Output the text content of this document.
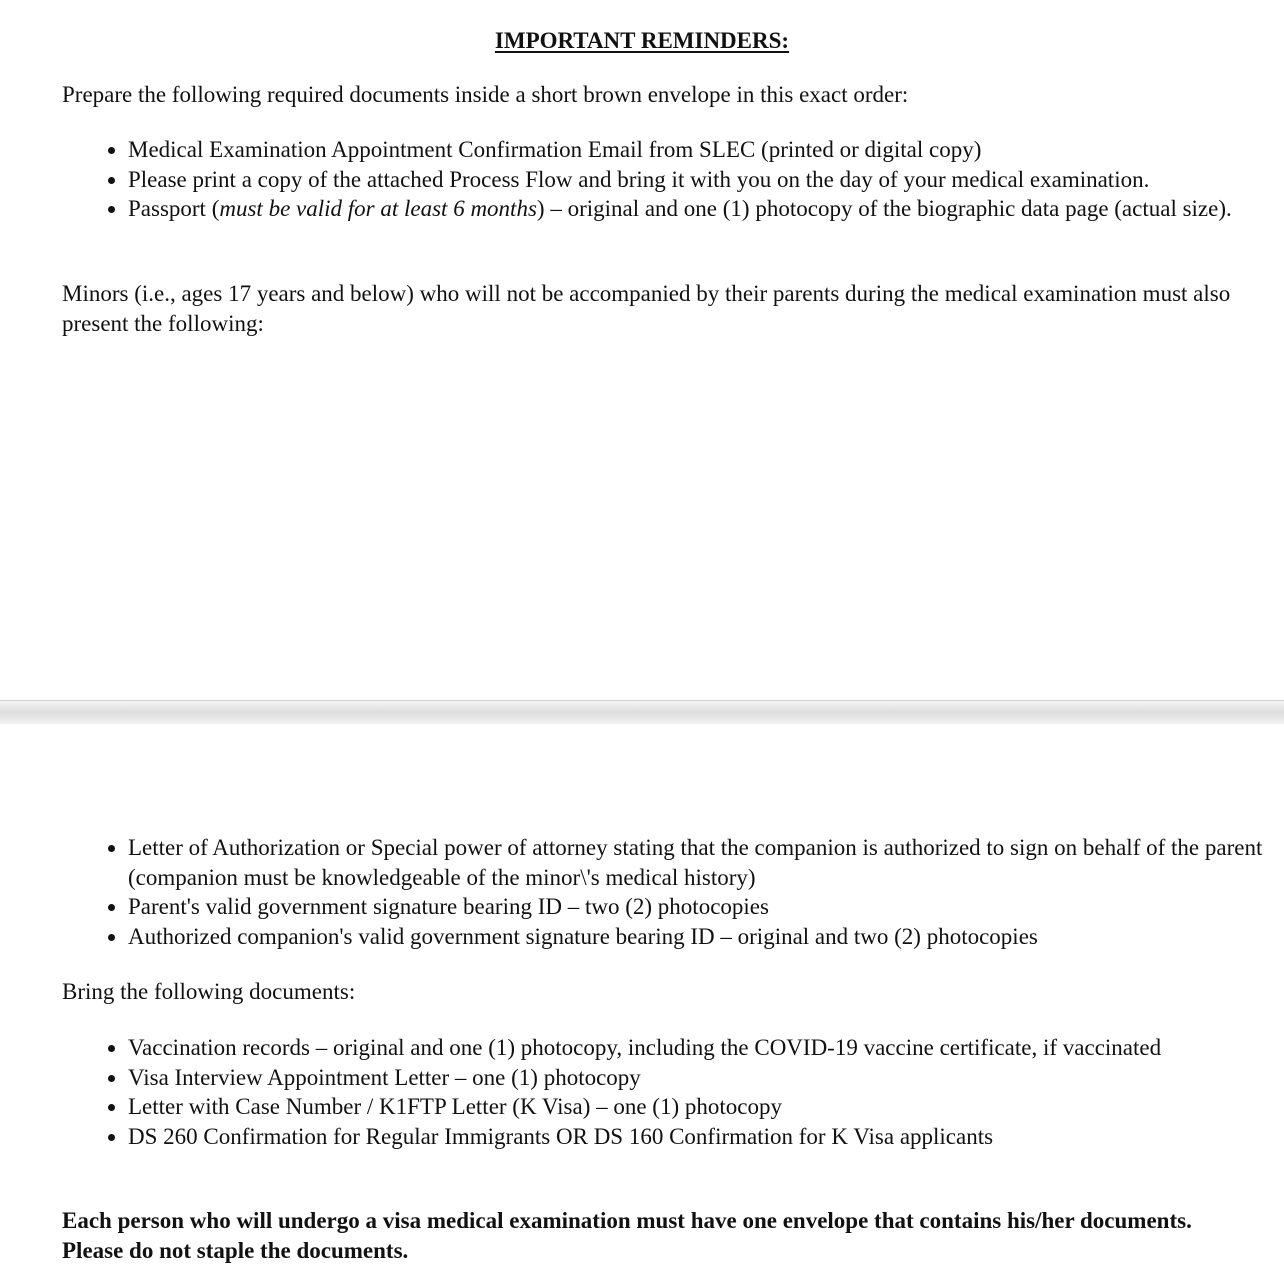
IMPORTANT REMINDERS:

Prepare the following required documents inside a short brown envelope in this exact order:

Medical Examination Appointment Confirmation Email from SLEC (printed or digital copy)
Please print a copy of the attached Process Flow and bring it with you on the day of your medical examination.
Passport (must be valid for at least 6 months) – original and one (1) photocopy of the biographic data page (actual size).

Minors (i.e., ages 17 years and below) who will not be accompanied by their parents during the medical examination must also present the following:

Letter of Authorization or Special power of attorney stating that the companion is authorized to sign on behalf of the parent (companion must be knowledgeable of the minor\'s medical history)
Parent's valid government signature bearing ID – two (2) photocopies
Authorized companion's valid government signature bearing ID – original and two (2) photocopies

Bring the following documents:

Vaccination records – original and one (1) photocopy, including the COVID-19 vaccine certificate, if vaccinated
Visa Interview Appointment Letter – one (1) photocopy
Letter with Case Number / K1FTP Letter (K Visa) – one (1) photocopy
DS 260 Confirmation for Regular Immigrants OR DS 160 Confirmation for K Visa applicants

Each person who will undergo a visa medical examination must have one envelope that contains his/her documents. Please do not staple the documents.
